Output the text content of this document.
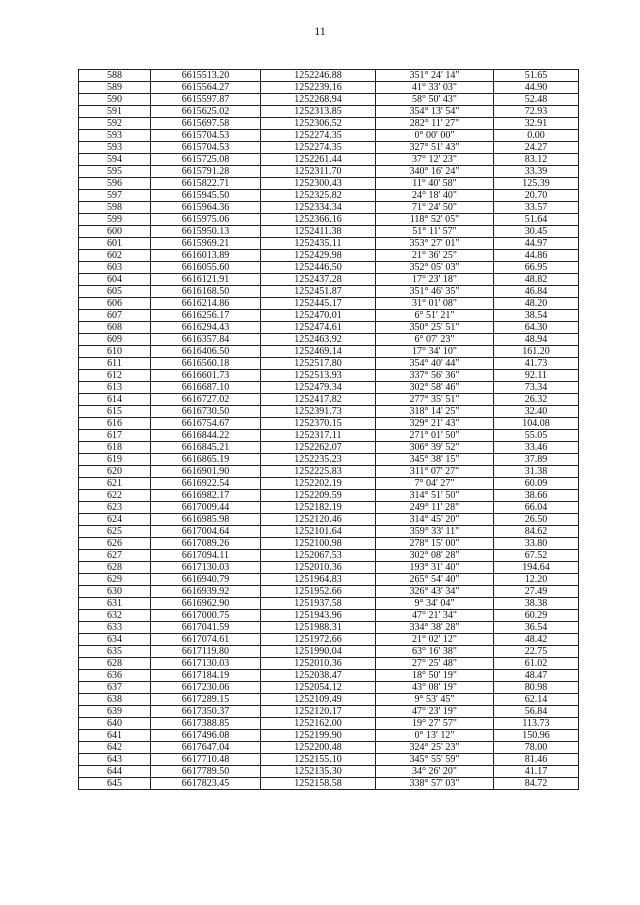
11
588	6615513.20	1252246.88	351° 24' 14"	51.65
589	6615564.27	1252239.16	41° 33' 03"	44.90
590	6615597.87	1252268.94	58° 50' 43"	52.48
591	6615625.02	1252313.85	354° 13' 54"	72.93
592	6615697.58	1252306.52	282° 11' 27"	32.91
593	6615704.53	1252274.35	0° 00' 00"	0.00
593	6615704.53	1252274.35	327° 51' 43"	24.27
594	6615725.08	1252261.44	37° 12' 23"	83.12
595	6615791.28	1252311.70	340° 16' 24"	33.39
596	6615822.71	1252300.43	11° 40' 58"	125.39
597	6615945.50	1252325.82	24° 18' 40"	20.70
598	6615964.36	1252334.34	71° 24' 50"	33.57
599	6615975.06	1252366.16	118° 52' 05"	51.64
600	6615950.13	1252411.38	51° 11' 57"	30.45
601	6615969.21	1252435.11	353° 27' 01"	44.97
602	6616013.89	1252429.98	21° 36' 25"	44.86
603	6616055.60	1252446.50	352° 05' 03"	66.95
604	6616121.91	1252437.28	17° 23' 18"	48.82
605	6616168.50	1252451.87	351° 46' 35"	46.84
606	6616214.86	1252445.17	31° 01' 08"	48.20
607	6616256.17	1252470.01	6° 51' 21"	38.54
608	6616294.43	1252474.61	350° 25' 51"	64.30
609	6616357.84	1252463.92	6° 07' 23"	48.94
610	6616406.50	1252469.14	17° 34' 10"	161.20
611	6616560.18	1252517.80	354° 40' 44"	41.73
612	6616601.73	1252513.93	337° 56' 36"	92.11
613	6616687.10	1252479.34	302° 58' 46"	73.34
614	6616727.02	1252417.82	277° 35' 51"	26.32
615	6616730.50	1252391.73	318° 14' 25"	32.40
616	6616754.67	1252370.15	329° 21' 43"	104.08
617	6616844.22	1252317.11	271° 01' 50"	55.05
618	6616845.21	1252262.07	306° 39' 52"	33.46
619	6616865.19	1252235.23	345° 38' 15"	37.89
620	6616901.90	1252225.83	311° 07' 27"	31.38
621	6616922.54	1252202.19	7° 04' 27"	60.09
622	6616982.17	1252209.59	314° 51' 50"	38.66
623	6617009.44	1252182.19	249° 11' 28"	66.04
624	6616985.98	1252120.46	314° 45' 20"	26.50
625	6617004.64	1252101.64	359° 33' 11"	84.62
626	6617089.26	1252100.98	278° 15' 00"	33.80
627	6617094.11	1252067.53	302° 08' 28"	67.52
628	6617130.03	1252010.36	193° 31' 40"	194.64
629	6616940.79	1251964.83	265° 54' 40"	12.20
630	6616939.92	1251952.66	326° 43' 34"	27.49
631	6616962.90	1251937.58	9° 34' 04"	38.38
632	6617000.75	1251943.96	47° 21' 34"	60.29
633	6617041.59	1251988.31	334° 38' 28"	36.54
634	6617074.61	1251972.66	21° 02' 12"	48.42
635	6617119.80	1251990.04	63° 16' 38"	22.75
628	6617130.03	1252010.36	27° 25' 48"	61.02
636	6617184.19	1252038.47	18° 50' 19"	48.47
637	6617230.06	1252054.12	43° 08' 19"	80.98
638	6617289.15	1252109.49	9° 53' 45"	62.14
639	6617350.37	1252120.17	47° 23' 19"	56.84
640	6617388.85	1252162.00	19° 27' 57"	113.73
641	6617496.08	1252199.90	0° 13' 12"	150.96
642	6617647.04	1252200.48	324° 25' 23"	78.00
643	6617710.48	1252155.10	345° 55' 59"	81.46
644	6617789.50	1252135.30	34° 26' 20"	41.17
645	6617823.45	1252158.58	338° 57' 03"	84.72
